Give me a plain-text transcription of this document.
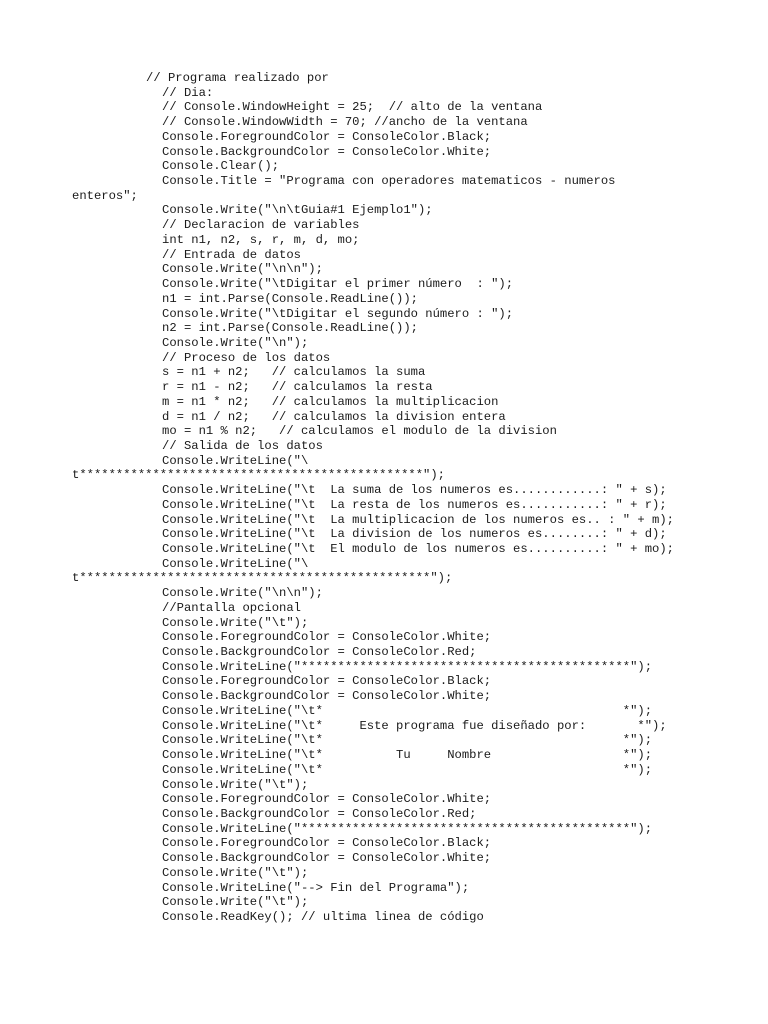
// Programa realizado por
// Dia:
// Console.WindowHeight = 25;  // alto de la ventana
// Console.WindowWidth = 70; //ancho de la ventana
Console.ForegroundColor = ConsoleColor.Black;
Console.BackgroundColor = ConsoleColor.White;
Console.Clear();
Console.Title = "Programa con operadores matematicos - numeros
enteros";
Console.Write("\n\tGuia#1 Ejemplo1");
// Declaracion de variables
int n1, n2, s, r, m, d, mo;
// Entrada de datos
Console.Write("\n\n");
Console.Write("\tDigitar el primer número  : ");
n1 = int.Parse(Console.ReadLine());
Console.Write("\tDigitar el segundo número : ");
n2 = int.Parse(Console.ReadLine());
Console.Write("\n");
// Proceso de los datos
s = n1 + n2;   // calculamos la suma
r = n1 - n2;   // calculamos la resta
m = n1 * n2;   // calculamos la multiplicacion
d = n1 / n2;   // calculamos la division entera
mo = n1 % n2;   // calculamos el modulo de la division
// Salida de los datos
Console.WriteLine("\
t***********************************************");
Console.WriteLine("\t  La suma de los numeros es............: " + s);
Console.WriteLine("\t  La resta de los numeros es...........: " + r);
Console.WriteLine("\t  La multiplicacion de los numeros es.. : " + m);
Console.WriteLine("\t  La division de los numeros es........: " + d);
Console.WriteLine("\t  El modulo de los numeros es..........: " + mo);
Console.WriteLine("\
t************************************************");
Console.Write("\n\n");
//Pantalla opcional
Console.Write("\t");
Console.ForegroundColor = ConsoleColor.White;
Console.BackgroundColor = ConsoleColor.Red;
Console.WriteLine("*********************************************");
Console.ForegroundColor = ConsoleColor.Black;
Console.BackgroundColor = ConsoleColor.White;
Console.WriteLine("\t*                                         *");
Console.WriteLine("\t*     Este programa fue diseñado por:       *");
Console.WriteLine("\t*                                         *");
Console.WriteLine("\t*          Tu     Nombre                  *");
Console.WriteLine("\t*                                         *");
Console.Write("\t");
Console.ForegroundColor = ConsoleColor.White;
Console.BackgroundColor = ConsoleColor.Red;
Console.WriteLine("*********************************************");
Console.ForegroundColor = ConsoleColor.Black;
Console.BackgroundColor = ConsoleColor.White;
Console.Write("\t");
Console.WriteLine("--> Fin del Programa");
Console.Write("\t");
Console.ReadKey(); // ultima linea de código
